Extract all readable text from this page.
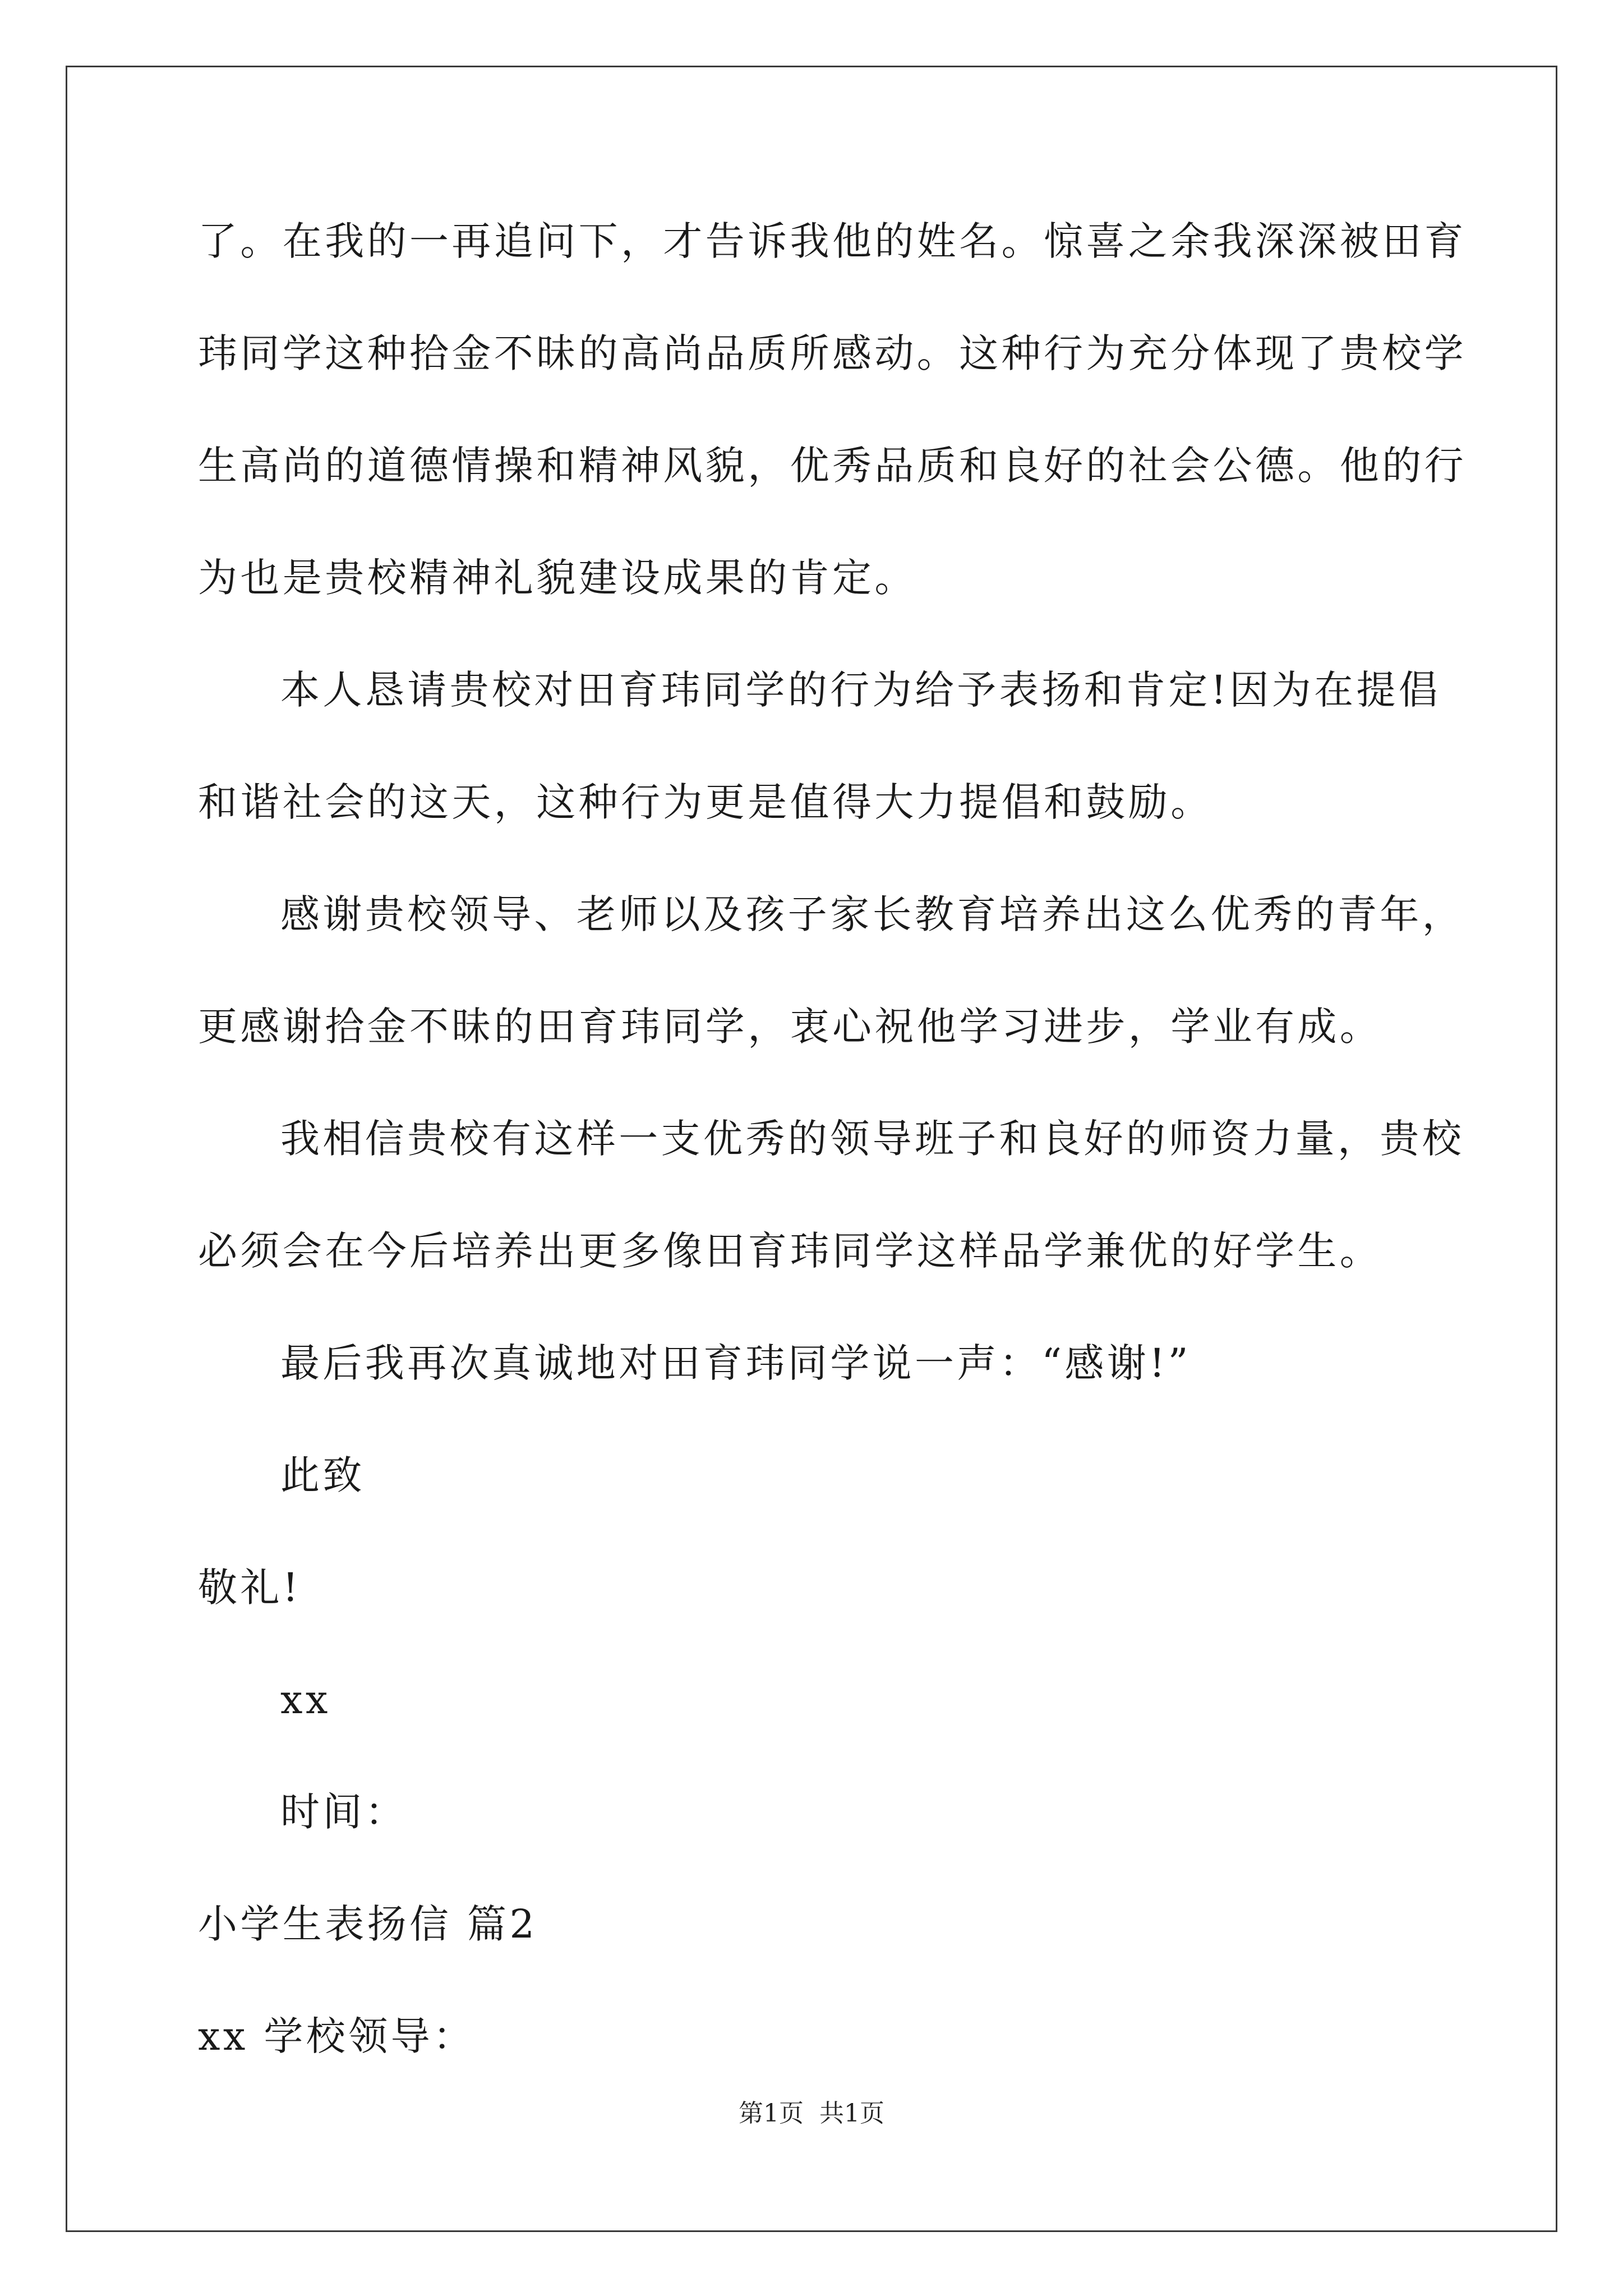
了。在我的一再追问下，才告诉我他的姓名。惊喜之余我深深被田育
玮同学这种拾金不昧的高尚品质所感动。这种行为充分体现了贵校学
生高尚的道德情操和精神风貌，优秀品质和良好的社会公德。他的行
为也是贵校精神礼貌建设成果的肯定。
本人恳请贵校对田育玮同学的行为给予表扬和肯定!因为在提倡
和谐社会的这天，这种行为更是值得大力提倡和鼓励。
感谢贵校领导、老师以及孩子家长教育培养出这么优秀的青年，
更感谢拾金不昧的田育玮同学，衷心祝他学习进步，学业有成。
我相信贵校有这样一支优秀的领导班子和良好的师资力量，贵校
必须会在今后培养出更多像田育玮同学这样品学兼优的好学生。
最后我再次真诚地对田育玮同学说一声：“感谢!”
此致
敬礼!
xx
时间：
小学生表扬信 篇2
xx 学校领导：
第1页 共1页
